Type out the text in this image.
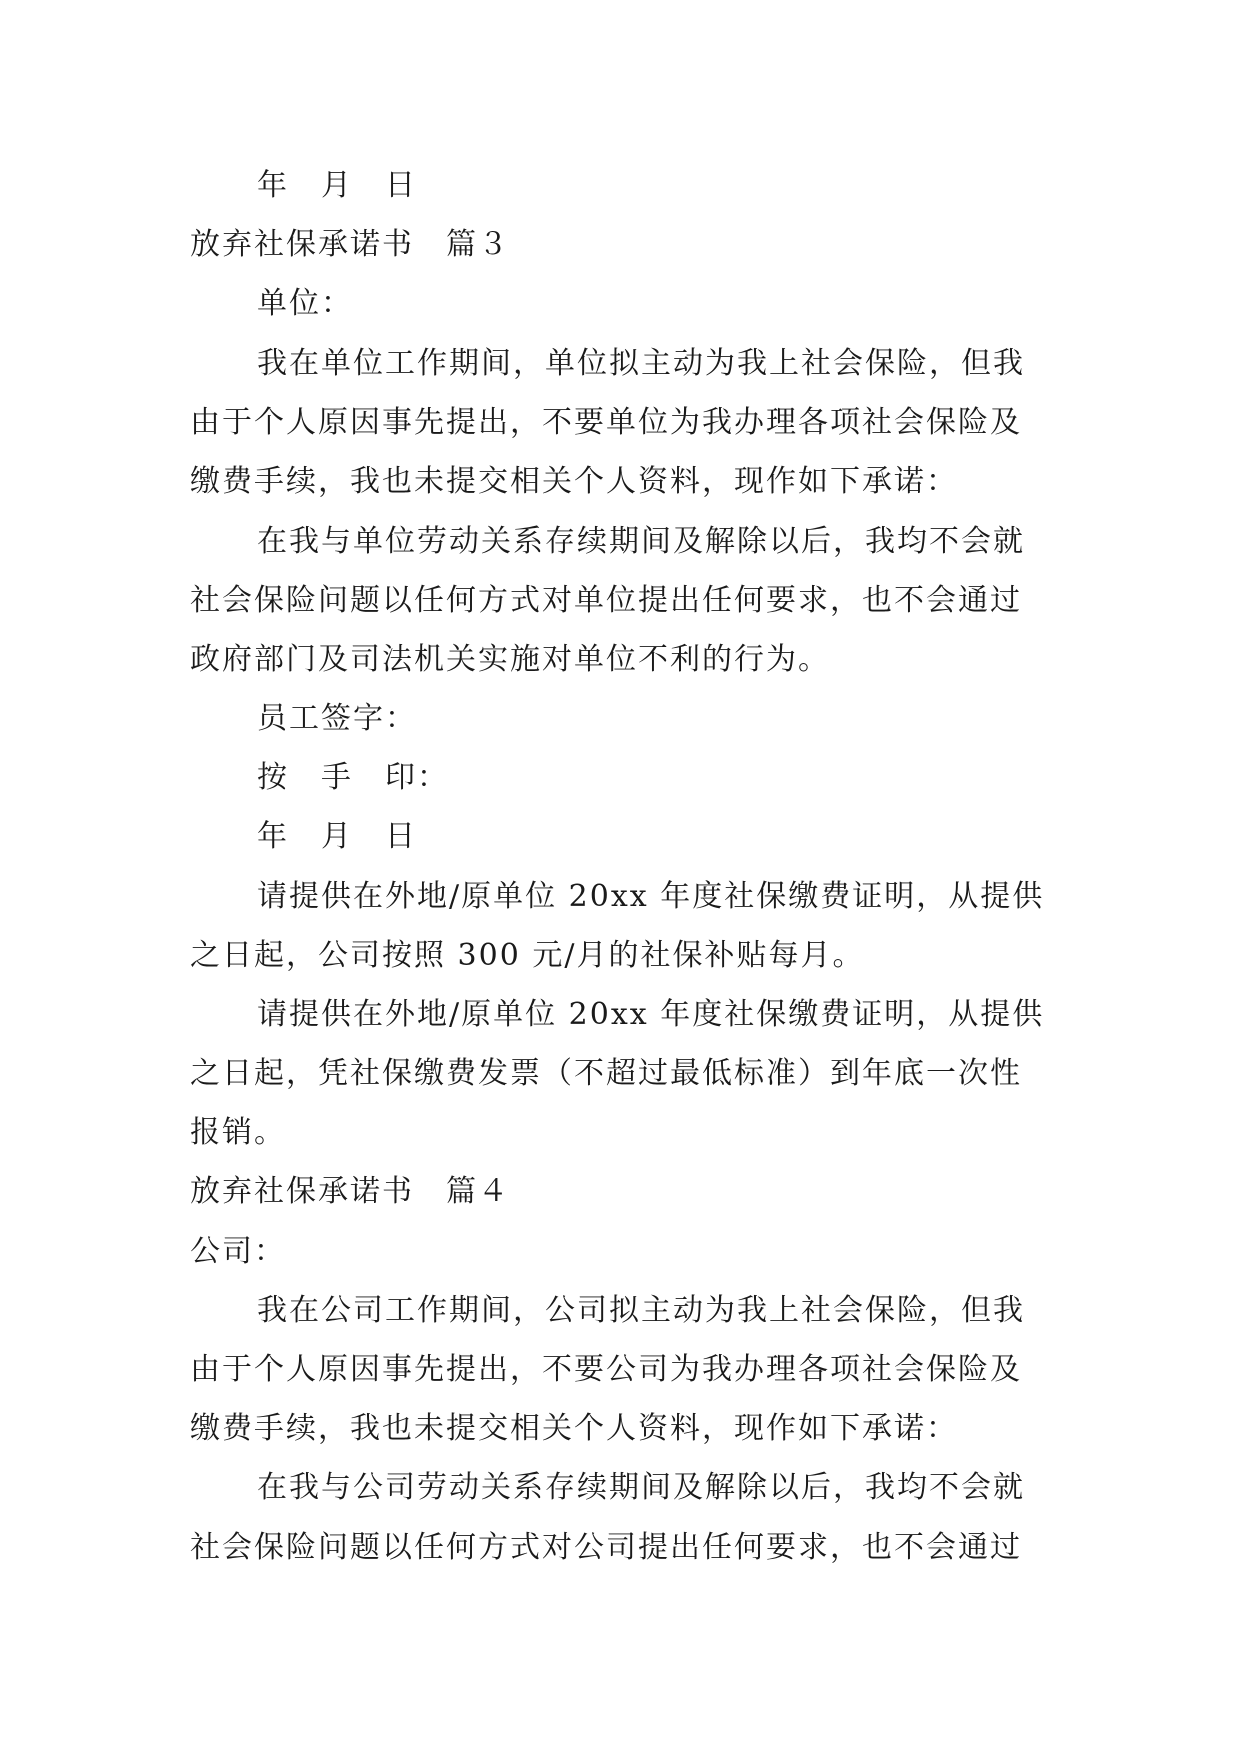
年　月　日
放弃社保承诺书　篇３
单位：
我在单位工作期间，单位拟主动为我上社会保险，但我
由于个人原因事先提出，不要单位为我办理各项社会保险及
缴费手续，我也未提交相关个人资料，现作如下承诺：
在我与单位劳动关系存续期间及解除以后，我均不会就
社会保险问题以任何方式对单位提出任何要求，也不会通过
政府部门及司法机关实施对单位不利的行为。
员工签字：
按　手　印：
年　月　日
请提供在外地/原单位 20xx 年度社保缴费证明，从提供
之日起，公司按照 300 元/月的社保补贴每月。
请提供在外地/原单位 20xx 年度社保缴费证明，从提供
之日起，凭社保缴费发票（不超过最低标准）到年底一次性
报销。
放弃社保承诺书　篇４
公司：
我在公司工作期间，公司拟主动为我上社会保险，但我
由于个人原因事先提出，不要公司为我办理各项社会保险及
缴费手续，我也未提交相关个人资料，现作如下承诺：
在我与公司劳动关系存续期间及解除以后，我均不会就
社会保险问题以任何方式对公司提出任何要求，也不会通过
